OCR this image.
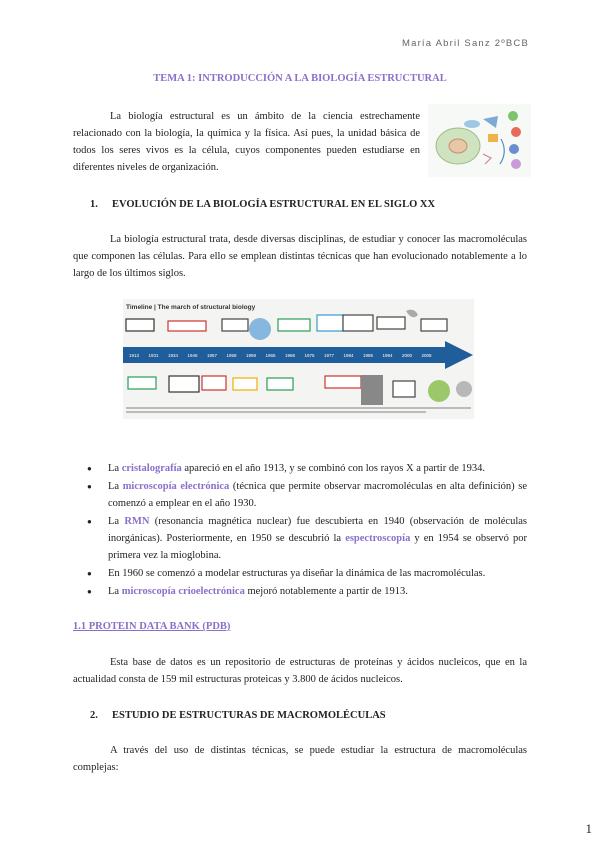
María Abril Sanz 2ºBCB
TEMA 1: INTRODUCCIÓN A LA BIOLOGÍA ESTRUCTURAL
La biología estructural es un ámbito de la ciencia estrechamente relacionado con la biología, la química y la física. Así pues, la unidad básica de todos los seres vivos es la célula, cuyos componentes pueden estudiarse en diferentes niveles de organización.
1. EVOLUCIÓN DE LA BIOLOGÍA ESTRUCTURAL EN EL SIGLO XX
La biología estructural trata, desde diversas disciplinas, de estudiar y conocer las macromoléculas que componen las células. Para ello se emplean distintas técnicas que han evolucionado notablemente a lo largo de los últimos siglos.
Timeline | The march of structural biology
1913 1931 1934 1946 1957 1958 1959 1965 1968 1975 1977 1984 1985 1994 2000 2008
● La cristalografía apareció en el año 1913, y se combinó con los rayos X a partir de 1934.
● La microscopía electrónica (técnica que permite observar macromoléculas en alta definición) se comenzó a emplear en el año 1930.
● La RMN (resonancia magnética nuclear) fue descubierta en 1940 (observación de moléculas inorgánicas). Posteriormente, en 1950 se descubrió la espectroscopía y en 1954 se observó por primera vez la mioglobina.
● En 1960 se comenzó a modelar estructuras ya diseñar la dinámica de las macromoléculas.
● La microscopía crioelectrónica mejoró notablemente a partir de 1913.
1.1 PROTEIN DATA BANK (PDB)
Esta base de datos es un repositorio de estructuras de proteínas y ácidos nucleicos, que en la actualidad consta de 159 mil estructuras proteicas y 3.800 de ácidos nucleicos.
2. ESTUDIO DE ESTRUCTURAS DE MACROMOLÉCULAS
A través del uso de distintas técnicas, se puede estudiar la estructura de macromoléculas complejas:
1
